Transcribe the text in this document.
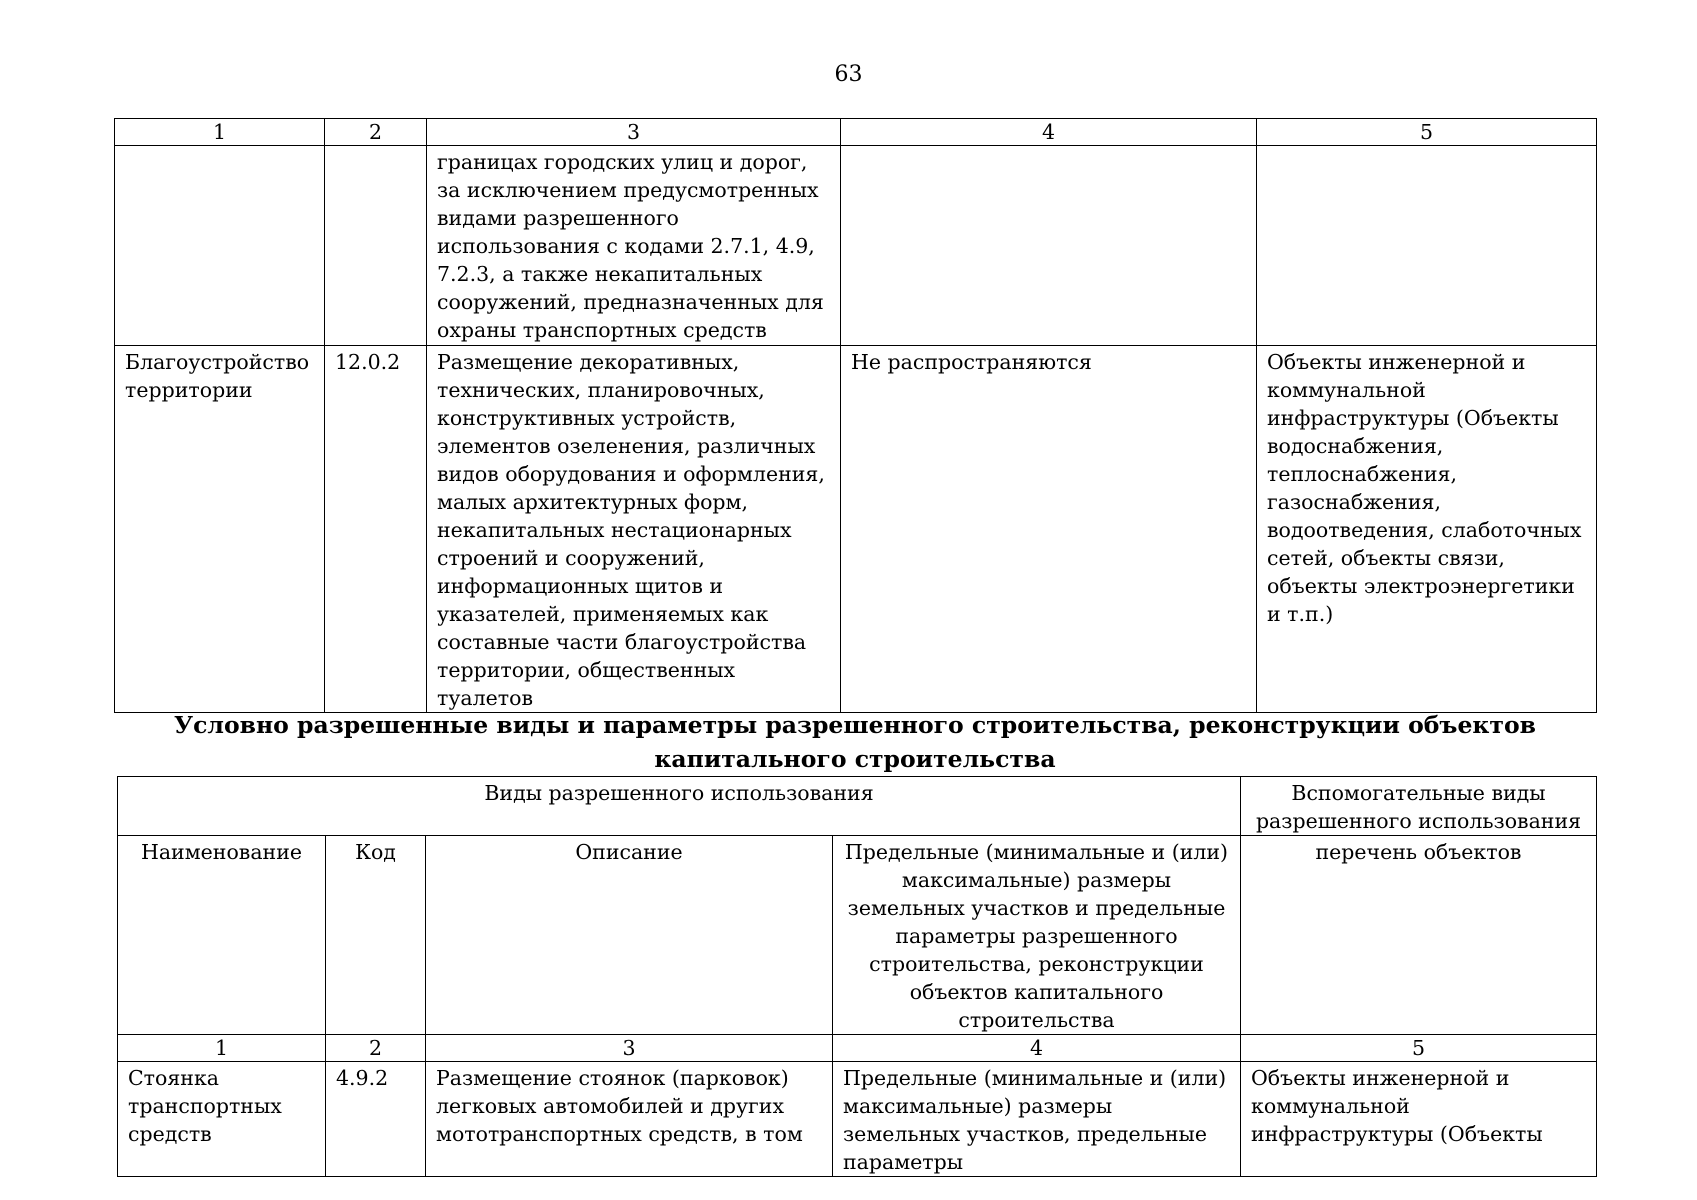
63
1	2	3	4	5
		границах городских улиц и дорог, за исключением предусмотренных видами разрешенного использования с кодами 2.7.1, 4.9, 7.2.3, а также некапитальных сооружений, предназначенных для охраны транспортных средств		
Благоустройство территории	12.0.2	Размещение декоративных, технических, планировочных, конструктивных устройств, элементов озеленения, различных видов оборудования и оформления, малых архитектурных форм, некапитальных нестационарных строений и сооружений, информационных щитов и указателей, применяемых как составные части благоустройства территории, общественных туалетов	Не распространяются	Объекты инженерной и коммунальной инфраструктуры (Объекты водоснабжения, теплоснабжения, газоснабжения, водоотведения, слаботочных сетей, объекты связи, объекты электроэнергетики и т.п.)
Условно разрешенные виды и параметры разрешенного строительства, реконструкции объектов капитального строительства
Виды разрешенного использования				Вспомогательные виды разрешенного использования
Наименование	Код	Описание	Предельные (минимальные и (или) максимальные) размеры земельных участков и предельные параметры разрешенного строительства, реконструкции объектов капитального строительства	перечень объектов
1	2	3	4	5
Стоянка транспортных средств	4.9.2	Размещение стоянок (парковок) легковых автомобилей и других мототранспортных средств, в том	Предельные (минимальные и (или) максимальные) размеры земельных участков, предельные параметры	Объекты инженерной и коммунальной инфраструктуры (Объекты
